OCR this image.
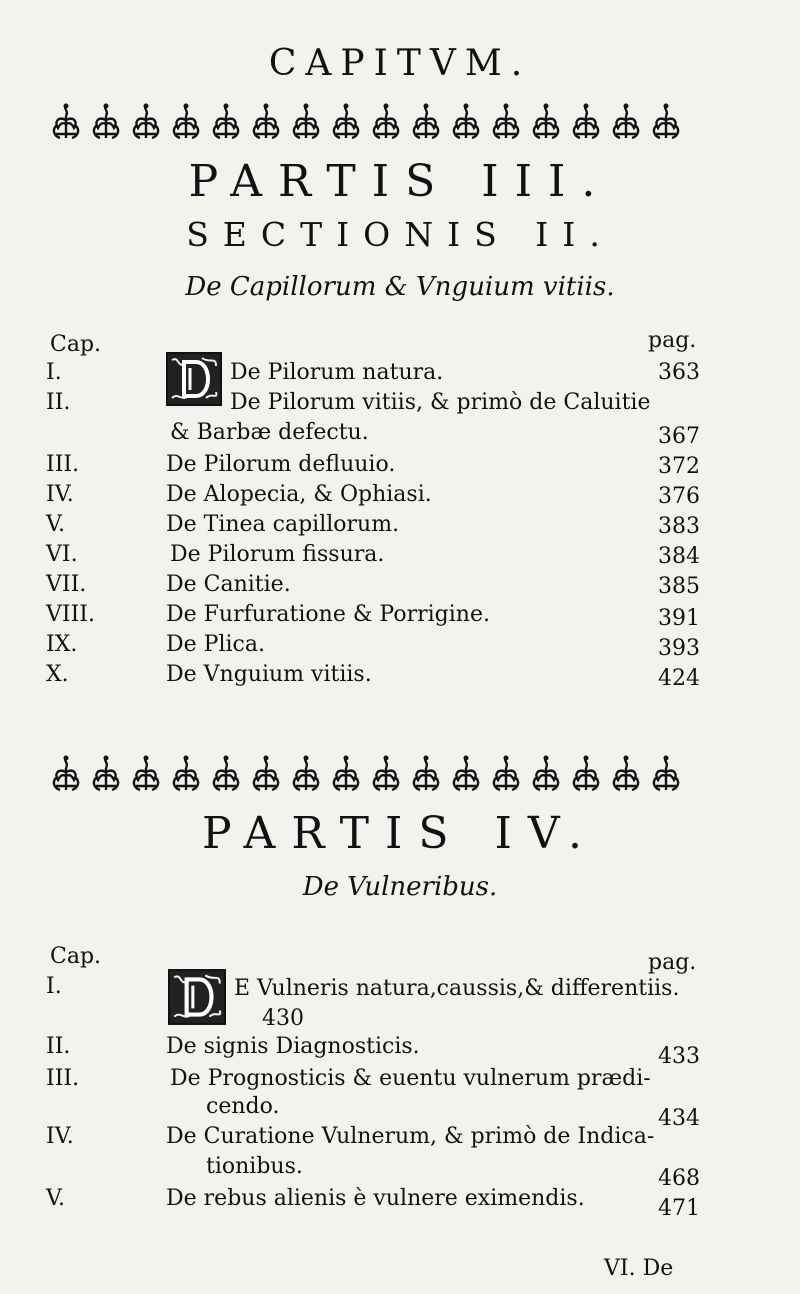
CAPITVM.
PARTIS III.
SECTIONIS II.
De Capillorum & Vnguium vitiis.
Cap.	pag.
I.	De Pilorum natura.	363
II.	De Pilorum vitiis, & primò de Caluitie
& Barbæ defectu.	367
III.	De Pilorum defluuio.	372
IV.	De Alopecia, & Ophiasi.	376
V.	De Tinea capillorum.	383
VI.	De Pilorum fissura.	384
VII.	De Canitie.	385
VIII.	De Furfuratione & Porrigine.	391
IX.	De Plica.	393
X.	De Vnguium vitiis.	424
PARTIS IV.
De Vulneribus.
Cap.	pag.
I.	E Vulneris natura,caussis,& differentiis.
430
II.	De signis Diagnosticis.	433
III.	De Prognosticis & euentu vulnerum prædi-
cendo.	434
IV.	De Curatione Vulnerum, & primò de Indica-
tionibus.	468
V.	De rebus alienis è vulnere eximendis.	471
VI. De
